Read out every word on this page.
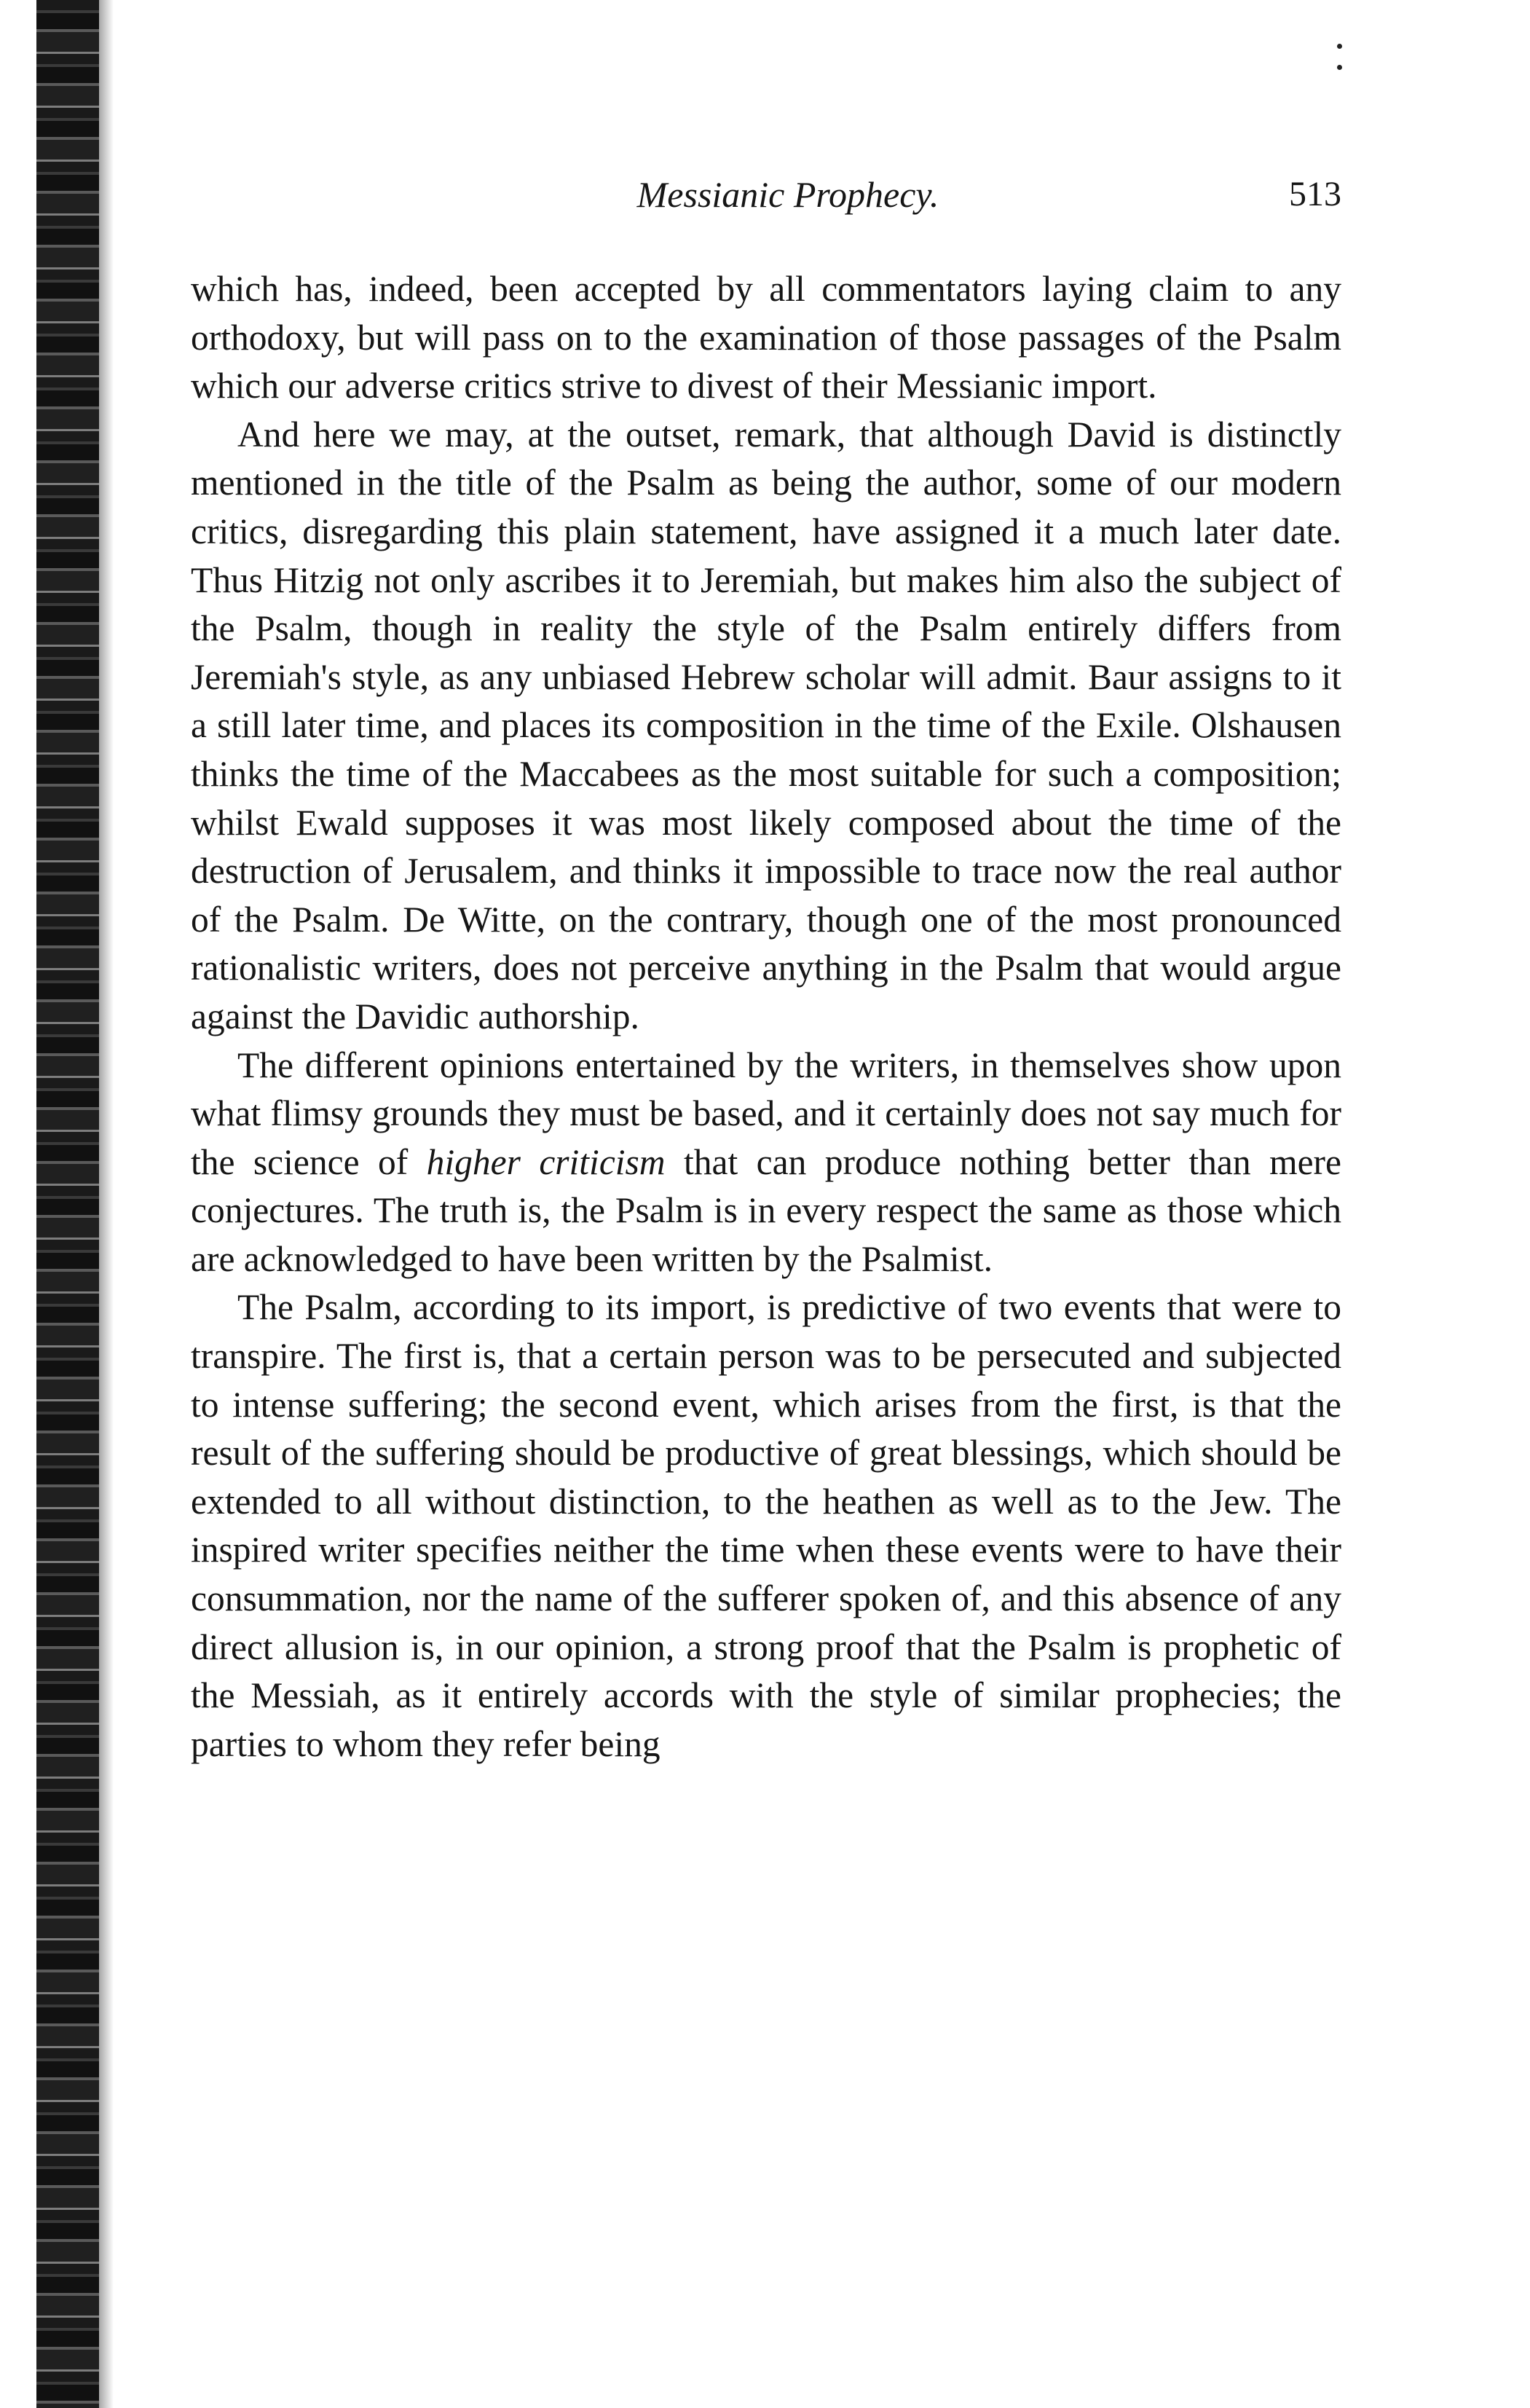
Messianic Prophecy.	513

which has, indeed, been accepted by all commentators laying claim to any orthodoxy, but will pass on to the examination of those passages of the Psalm which our adverse critics strive to divest of their Messianic import.

And here we may, at the outset, remark, that although David is distinctly mentioned in the title of the Psalm as being the author, some of our modern critics, disregarding this plain statement, have assigned it a much later date. Thus Hitzig not only ascribes it to Jeremiah, but makes him also the subject of the Psalm, though in reality the style of the Psalm entirely differs from Jeremiah's style, as any unbiased Hebrew scholar will admit. Baur assigns to it a still later time, and places its composition in the time of the Exile. Olshausen thinks the time of the Maccabees as the most suitable for such a composition; whilst Ewald supposes it was most likely composed about the time of the destruction of Jerusalem, and thinks it impossible to trace now the real author of the Psalm. De Witte, on the contrary, though one of the most pronounced rationalistic writers, does not perceive anything in the Psalm that would argue against the Davidic authorship.

The different opinions entertained by the writers, in themselves show upon what flimsy grounds they must be based, and it certainly does not say much for the science of higher criticism that can produce nothing better than mere conjectures. The truth is, the Psalm is in every respect the same as those which are acknowledged to have been written by the Psalmist.

The Psalm, according to its import, is predictive of two events that were to transpire. The first is, that a certain person was to be persecuted and subjected to intense suffering; the second event, which arises from the first, is that the result of the suffering should be productive of great blessings, which should be extended to all without distinction, to the heathen as well as to the Jew. The inspired writer specifies neither the time when these events were to have their consummation, nor the name of the sufferer spoken of, and this absence of any direct allusion is, in our opinion, a strong proof that the Psalm is prophetic of the Messiah, as it entirely accords with the style of similar prophecies; the parties to whom they refer being
